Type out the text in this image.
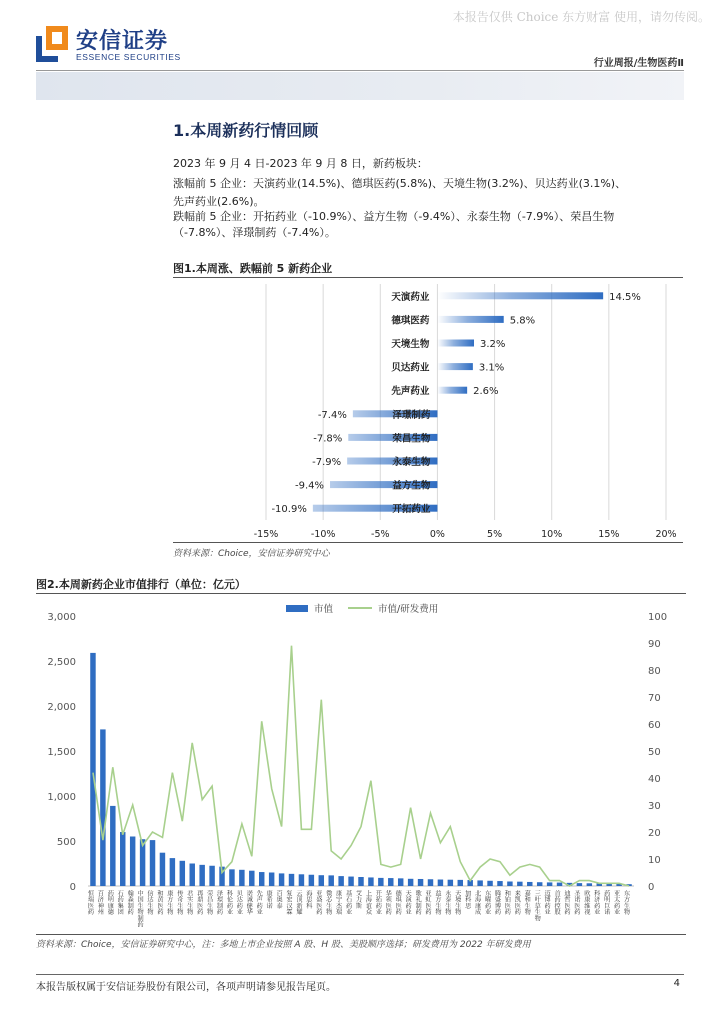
本报告仅供 Choice 东方财富 使用，请勿传阅。
安信证券
ESSENCE SECURITIES
行业周报/生物医药Ⅱ
1.本周新药行情回顾
2023 年 9 月 4 日-2023 年 9 月 8 日，新药板块：
涨幅前 5 企业：天演药业(14.5%)、德琪医药(5.8%)、天境生物(3.2%)、贝达药业(3.1%)、
先声药业(2.6%)。
跌幅前 5 企业：开拓药业（-10.9%）、益方生物（-9.4%）、永泰生物（-7.9%）、荣昌生物
（-7.8%）、泽璟制药（-7.4%）。
图1.本周涨、跌幅前 5 新药企业
-15%	-10%	-5%	0%	5%	10%	15%	20%
天演药业	14.5%
德琪医药	5.8%
天境生物	3.2%
贝达药业	3.1%
先声药业	2.6%
泽璟制药
-7.4%
荣昌生物
-7.8%
永泰生物
-7.9%
益方生物
-9.4%
开拓药业
-10.9%
资料来源：Choice，安信证券研究中心
图2.本周新药企业市值排行（单位：亿元）
0
500
1,000
1,500
2,000
2,500
3,000
0
10
20
30
40
50
60
70
80
90
100
市值	市值/研发费用
恒瑞医药 百济神州 药明康德 石药集团 翰森制药 中国生物制药 信达生物 和黄医药 康方生物 传奇生物 君实生物 再鼎医药 荣昌生物 泽璟制药 科伦药业 贝达药业 诺诚健华 先声药业 康希诺 百奥泰 复宏汉霖 云顶新耀 海思科 亚盛医药 微芯生物 康宁杰瑞 基石药业 艾力斯 上海谊众 开拓药业 华领医药 德琪医药 天演药业 歌礼制药 亚虹医药 益方生物 永泰生物 天境生物 加科思 北海康成 东曜药业 腾盛博药 和铂医药 来凯医药 嘉和生物 三叶草生物 迈博药业 首药控股 迪哲医药 圣诺医药 欧康维视 科济药业 药明巨诺 亚太药业 东方生物
资料来源：Choice，安信证券研究中心，注：多地上市企业按照 A 股、H 股、美股顺序选择；研发费用为 2022 年研发费用
本报告版权属于安信证券股份有限公司，各项声明请参见报告尾页。	4
